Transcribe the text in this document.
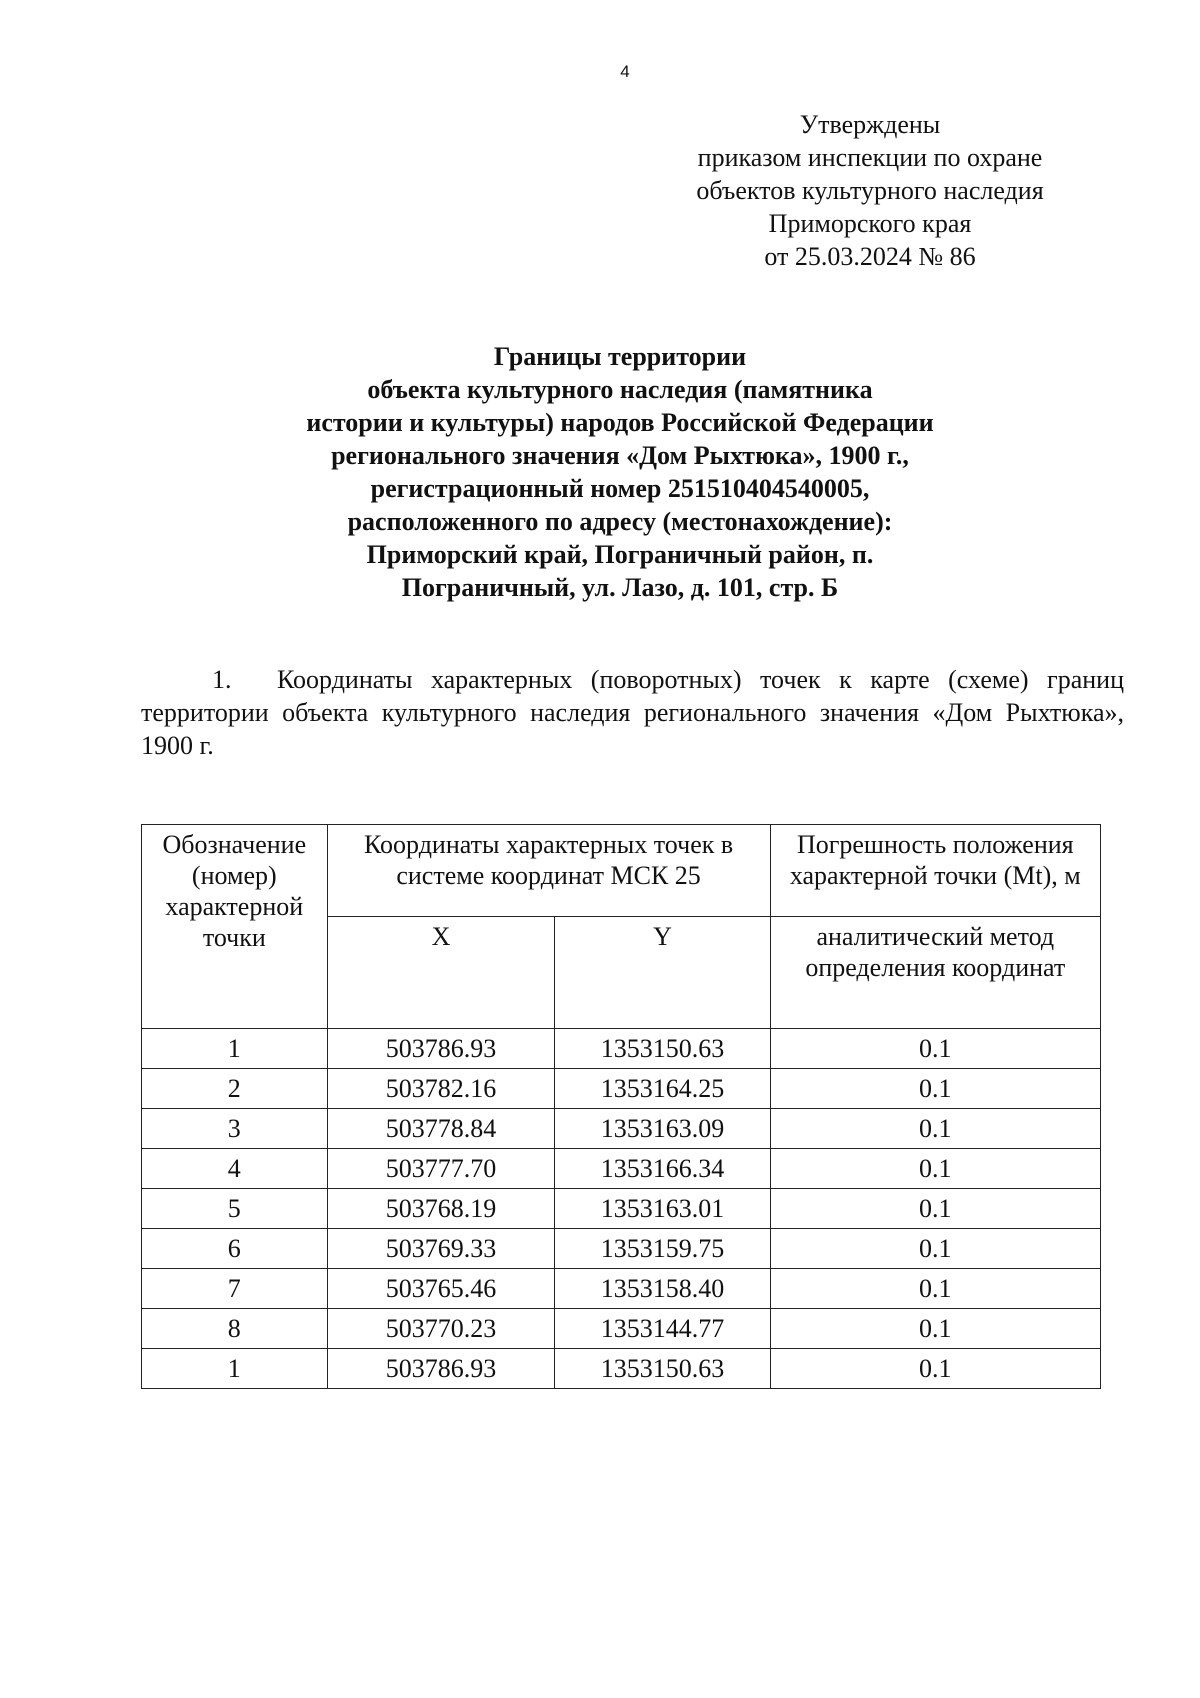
4
Утверждены
приказом инспекции по охране
объектов культурного наследия
Приморского края
от 25.03.2024 № 86
Границы территории
объекта культурного наследия (памятника
истории и культуры) народов Российской Федерации
регионального значения «Дом Рыхтюка», 1900 г.,
регистрационный номер 251510404540005,
расположенного по адресу (местонахождение):
Приморский край, Пограничный район, п.
Пограничный, ул. Лазо, д. 101, стр. Б
1. Координаты характерных (поворотных) точек к карте (схеме) границ территории объекта культурного наследия регионального значения «Дом Рыхтюка», 1900 г.
Обозначение (номер) характерной точки	Координаты характерных точек в системе координат МСК 25		Погрешность положения характерной точки (Mt), м
	X	Y	аналитический метод определения координат
1	503786.93	1353150.63	0.1
2	503782.16	1353164.25	0.1
3	503778.84	1353163.09	0.1
4	503777.70	1353166.34	0.1
5	503768.19	1353163.01	0.1
6	503769.33	1353159.75	0.1
7	503765.46	1353158.40	0.1
8	503770.23	1353144.77	0.1
1	503786.93	1353150.63	0.1
